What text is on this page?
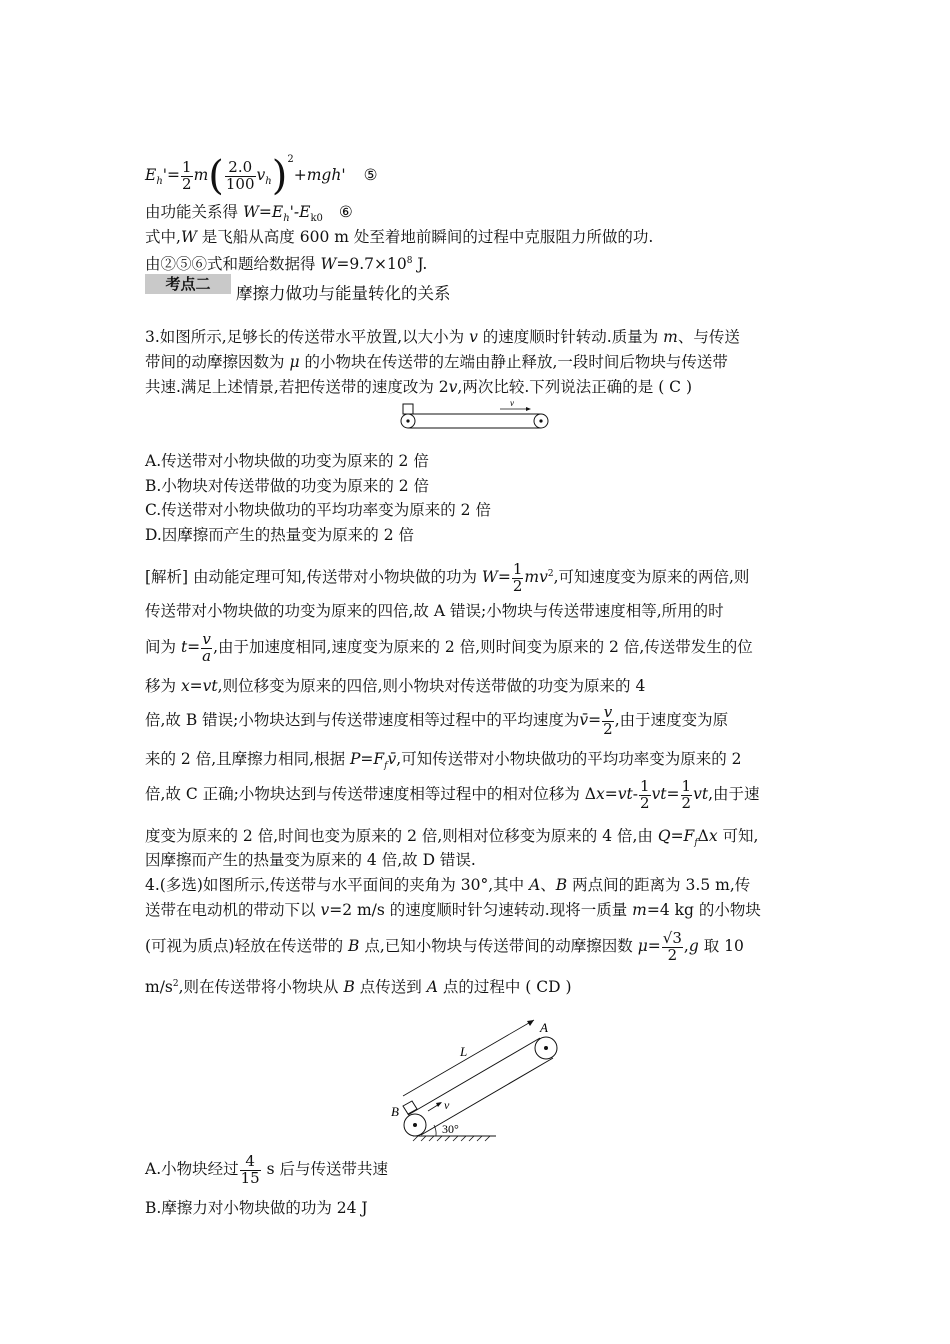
$E_h'= \frac{1}{2} m( \frac{2.0}{100} v_h)^2+mgh'$ ⑤
由功能关系得 $W=E_h'-E_{k0}$ ⑥
式中,W 是飞船从高度 600 m 处至着地前瞬间的过程中克服阻力所做的功.
由②⑤⑥式和题给数据得 $W=9.7\times 10^8$ J.
考点二	摩擦力做功与能量转化的关系
3.如图所示,足够长的传送带水平放置,以大小为 v 的速度顺时针转动.质量为 m、与传送
带间的动摩擦因数为 μ 的小物块在传送带的左端由静止释放,一段时间后物块与传送带
共速.满足上述情景,若把传送带的速度改为 2v,两次比较.下列说法正确的是 ( C )
v
A.传送带对小物块做的功变为原来的 2 倍
B.小物块对传送带做的功变为原来的 2 倍
C.传送带对小物块做功的平均功率变为原来的 2 倍
D.因摩擦而产生的热量变为原来的 2 倍
[解析] 由动能定理可知,传送带对小物块做的功为 $W= \frac{1}{2} mv^2$,可知速度变为原来的两倍,则
传送带对小物块做的功变为原来的四倍,故 A 错误;小物块与传送带速度相等,所用的时
间为 $t= \frac{v}{a}$ ,由于加速度相同,速度变为原来的 2 倍,则时间变为原来的 2 倍,传送带发生的位
移为 x=vt,则位移变为原来的四倍,则小物块对传送带做的功变为原来的 4
倍,故 B 错误;小物块达到与传送带速度相等过程中的平均速度为v̄= $\frac{v}{2}$ ,由于速度变为原
来的 2 倍,且摩擦力相同,根据 $P=F_fv̄$,可知传送带对小物块做功的平均功率变为原来的 2
倍,故 C 正确;小物块达到与传送带速度相等过程中的相对位移为 $\Delta x=vt- \frac{1}{2} vt= \frac{1}{2}$ vt,由于速
度变为原来的 2 倍,时间也变为原来的 2 倍,则相对位移变为原来的 4 倍,由 $Q=F_f\Delta x$ 可知,
因摩擦而产生的热量变为原来的 4 倍,故 D 错误.
4.(多选)如图所示,传送带与水平面间的夹角为 30°,其中 A、B 两点间的距离为 3.5 m,传
送带在电动机的带动下以 v=2 m/s 的速度顺时针匀速转动.现将一质量 m=4 kg 的小物块
(可视为质点)轻放在传送带的 B 点,已知小物块与传送带间的动摩擦因数 $\mu= \frac{√3}{2} ,g$ 取 10
$m/s^2$,则在传送带将小物块从 B 点传送到 A 点的过程中 ( CD )
A
B
L
v
30°
A.小物块经过 $\frac{4}{15}$ s 后与传送带共速
B.摩擦力对小物块做的功为 24 J
